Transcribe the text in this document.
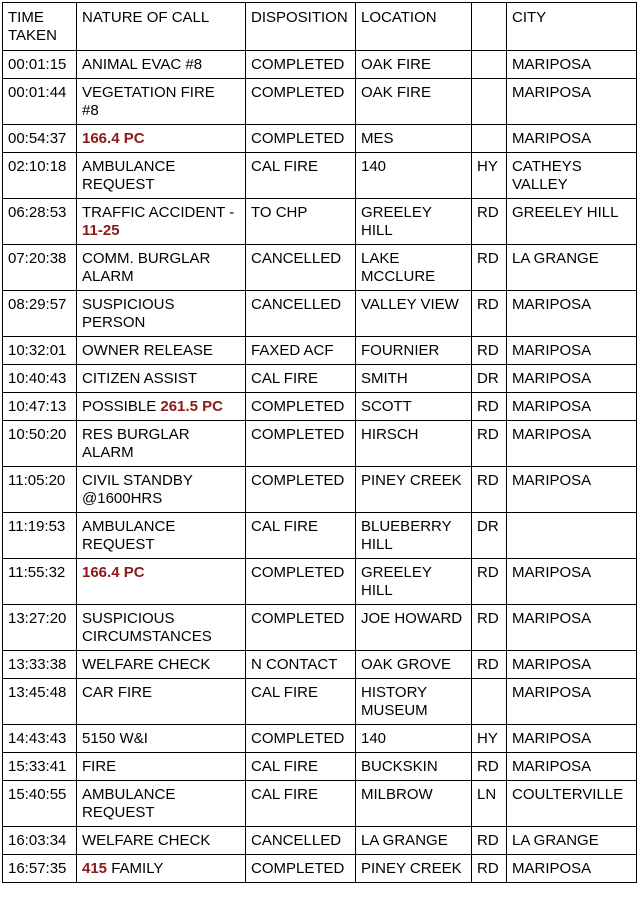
TIME
TAKEN	NATURE OF CALL	DISPOSITION	LOCATION		CITY
00:01:15	ANIMAL EVAC #8	COMPLETED	OAK FIRE		MARIPOSA
00:01:44	VEGETATION FIRE
#8	COMPLETED	OAK FIRE		MARIPOSA
00:54:37	166.4 PC	COMPLETED	MES		MARIPOSA
02:10:18	AMBULANCE
REQUEST	CAL FIRE	140	HY	CATHEYS
VALLEY
06:28:53	TRAFFIC ACCIDENT -
11-25	TO CHP	GREELEY
HILL	RD	GREELEY HILL
07:20:38	COMM. BURGLAR
ALARM	CANCELLED	LAKE
MCCLURE	RD	LA GRANGE
08:29:57	SUSPICIOUS
PERSON	CANCELLED	VALLEY VIEW	RD	MARIPOSA
10:32:01	OWNER RELEASE	FAXED ACF	FOURNIER	RD	MARIPOSA
10:40:43	CITIZEN ASSIST	CAL FIRE	SMITH	DR	MARIPOSA
10:47:13	POSSIBLE 261.5 PC	COMPLETED	SCOTT	RD	MARIPOSA
10:50:20	RES BURGLAR
ALARM	COMPLETED	HIRSCH	RD	MARIPOSA
11:05:20	CIVIL STANDBY
@1600HRS	COMPLETED	PINEY CREEK	RD	MARIPOSA
11:19:53	AMBULANCE
REQUEST	CAL FIRE	BLUEBERRY
HILL	DR	
11:55:32	166.4 PC	COMPLETED	GREELEY
HILL	RD	MARIPOSA
13:27:20	SUSPICIOUS
CIRCUMSTANCES	COMPLETED	JOE HOWARD	RD	MARIPOSA
13:33:38	WELFARE CHECK	N CONTACT	OAK GROVE	RD	MARIPOSA
13:45:48	CAR FIRE	CAL FIRE	HISTORY
MUSEUM		MARIPOSA
14:43:43	5150 W&I	COMPLETED	140	HY	MARIPOSA
15:33:41	FIRE	CAL FIRE	BUCKSKIN	RD	MARIPOSA
15:40:55	AMBULANCE
REQUEST	CAL FIRE	MILBROW	LN	COULTERVILLE
16:03:34	WELFARE CHECK	CANCELLED	LA GRANGE	RD	LA GRANGE
16:57:35	415 FAMILY	COMPLETED	PINEY CREEK	RD	MARIPOSA
